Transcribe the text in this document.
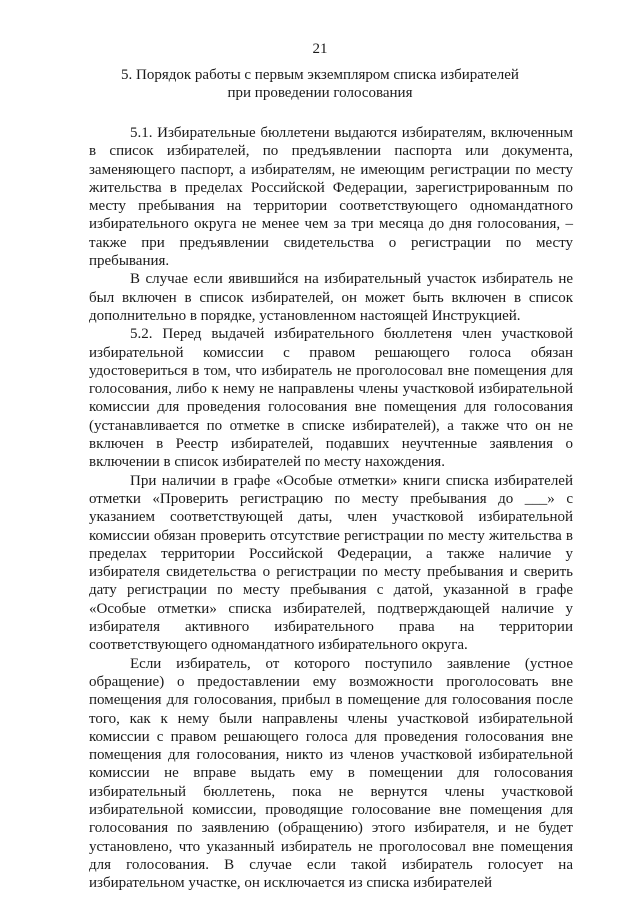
21
5. Порядок работы с первым экземпляром списка избирателей
при проведении голосования

5.1. Избирательные бюллетени выдаются избирателям, включенным в список избирателей, по предъявлении паспорта или документа, заменяющего паспорт, а избирателям, не имеющим регистрации по месту жительства в пределах Российской Федерации, зарегистрированным по месту пребывания на территории соответствующего одномандатного избирательного округа не менее чем за три месяца до дня голосования, – также при предъявлении свидетельства о регистрации по месту пребывания.

В случае если явившийся на избирательный участок избиратель не был включен в список избирателей, он может быть включен в список дополнительно в порядке, установленном настоящей Инструкцией.

5.2. Перед выдачей избирательного бюллетеня член участковой избирательной комиссии с правом решающего голоса обязан удостовериться в том, что избиратель не проголосовал вне помещения для голосования, либо к нему не направлены члены участковой избирательной комиссии для проведения голосования вне помещения для голосования (устанавливается по отметке в списке избирателей), а также что он не включен в Реестр избирателей, подавших неучтенные заявления о включении в список избирателей по месту нахождения.

При наличии в графе «Особые отметки» книги списка избирателей отметки «Проверить регистрацию по месту пребывания до ___» с указанием соответствующей даты, член участковой избирательной комиссии обязан проверить отсутствие регистрации по месту жительства в пределах территории Российской Федерации, а также наличие у избирателя свидетельства о регистрации по месту пребывания и сверить дату регистрации по месту пребывания с датой, указанной в графе «Особые отметки» списка избирателей, подтверждающей наличие у избирателя активного избирательного права на территории соответствующего одномандатного избирательного округа.

Если избиратель, от которого поступило заявление (устное обращение) о предоставлении ему возможности проголосовать вне помещения для голосования, прибыл в помещение для голосования после того, как к нему были направлены члены участковой избирательной комиссии с правом решающего голоса для проведения голосования вне помещения для голосования, никто из членов участковой избирательной комиссии не вправе выдать ему в помещении для голосования избирательный бюллетень, пока не вернутся члены участковой избирательной комиссии, проводящие голосование вне помещения для голосования по заявлению (обращению) этого избирателя, и не будет установлено, что указанный избиратель не проголосовал вне помещения для голосования. В случае если такой избиратель голосует на избирательном участке, он исключается из списка избирателей
